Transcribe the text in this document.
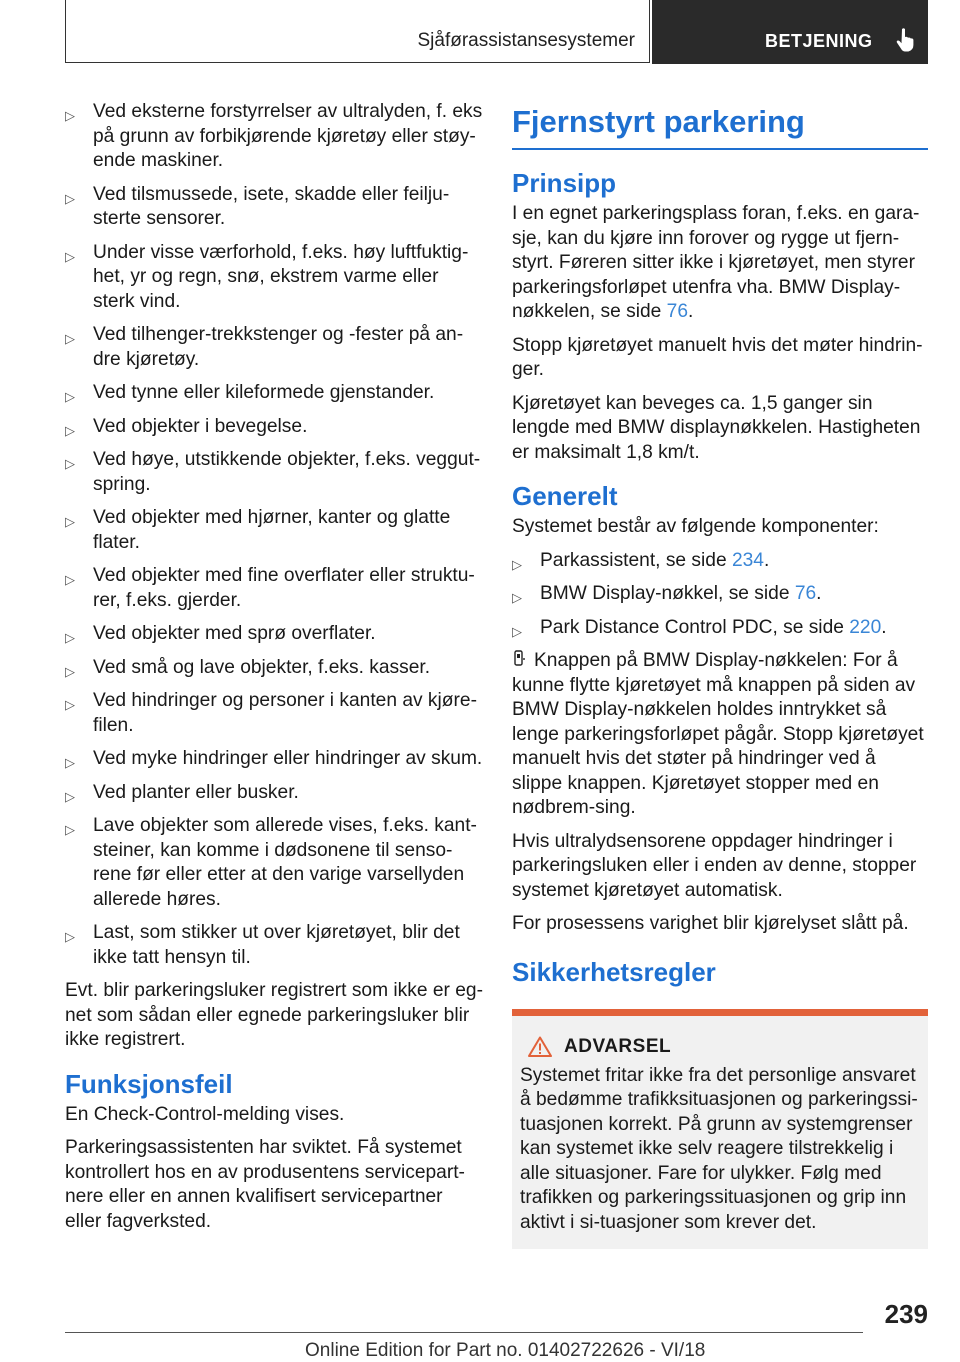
Sjåførassistansesystemer	BETJENING
▷ Ved eksterne forstyrrelser av ultralyden, f. eks på grunn av forbikjørende kjøretøy eller støy-ende maskiner.
▷ Ved tilsmussede, isete, skadde eller feilju-sterte sensorer.
▷ Under visse værforhold, f.eks. høy luftfuktig-het, yr og regn, snø, ekstrem varme eller sterk vind.
▷ Ved tilhenger-trekkstenger og -fester på an-dre kjøretøy.
▷ Ved tynne eller kileformede gjenstander.
▷ Ved objekter i bevegelse.
▷ Ved høye, utstikkende objekter, f.eks. veggut-spring.
▷ Ved objekter med hjørner, kanter og glatte flater.
▷ Ved objekter med fine overflater eller struktu-rer, f.eks. gjerder.
▷ Ved objekter med sprø overflater.
▷ Ved små og lave objekter, f.eks. kasser.
▷ Ved hindringer og personer i kanten av kjøre-filen.
▷ Ved myke hindringer eller hindringer av skum.
▷ Ved planter eller busker.
▷ Lave objekter som allerede vises, f.eks. kant-steiner, kan komme i dødsonene til senso-rene før eller etter at den varige varsellyden allerede høres.
▷ Last, som stikker ut over kjøretøyet, blir det ikke tatt hensyn til.

Evt. blir parkeringsluker registrert som ikke er eg-net som sådan eller egnede parkeringsluker blir ikke registrert.

Funksjonsfeil

En Check-Control-melding vises.

Parkeringsassistenten har sviktet. Få systemet kontrollert hos en av produsentens servicepart-nere eller en annen kvalifisert servicepartner eller fagverksted.

Fjernstyrt parkering
Prinsipp

I en egnet parkeringsplass foran, f.eks. en gara-sje, kan du kjøre inn forover og rygge ut fjern-styrt. Føreren sitter ikke i kjøretøyet, men styrer parkeringsforløpet utenfra vha. BMW Display-nøkkelen, se side 76.

Stopp kjøretøyet manuelt hvis det møter hindrin-ger.

Kjøretøyet kan beveges ca. 1,5 ganger sin lengde med BMW displaynøkkelen. Hastigheten er maksimalt 1,8 km/t.

Generelt

Systemet består av følgende komponenter:

▷ Parkassistent, se side 234.
▷ BMW Display-nøkkel, se side 76.
▷ Park Distance Control PDC, se side 220.

Knappen på BMW Display-nøkkelen: For å kunne flytte kjøretøyet må knappen på siden av BMW Display-nøkkelen holdes inntrykket så lenge parkeringsforløpet pågår. Stopp kjøretøyet manuelt hvis det støter på hindringer ved å slippe knappen. Kjøretøyet stopper med en nødbrem-sing.

Hvis ultralydsensorene oppdager hindringer i parkeringsluken eller i enden av denne, stopper systemet kjøretøyet automatisk.

For prosessens varighet blir kjørelyset slått på.

Sikkerhetsregler
ADVARSEL

Systemet fritar ikke fra det personlige ansvaret å bedømme trafikksituasjonen og parkeringssi-tuasjonen korrekt. På grunn av systemgrenser kan systemet ikke selv reagere tilstrekkelig i alle situasjoner. Fare for ulykker. Følg med trafikken og parkeringssituasjonen og grip inn aktivt i si-tuasjoner som krever det.

239
Online Edition for Part no. 01402722626 - VI/18
